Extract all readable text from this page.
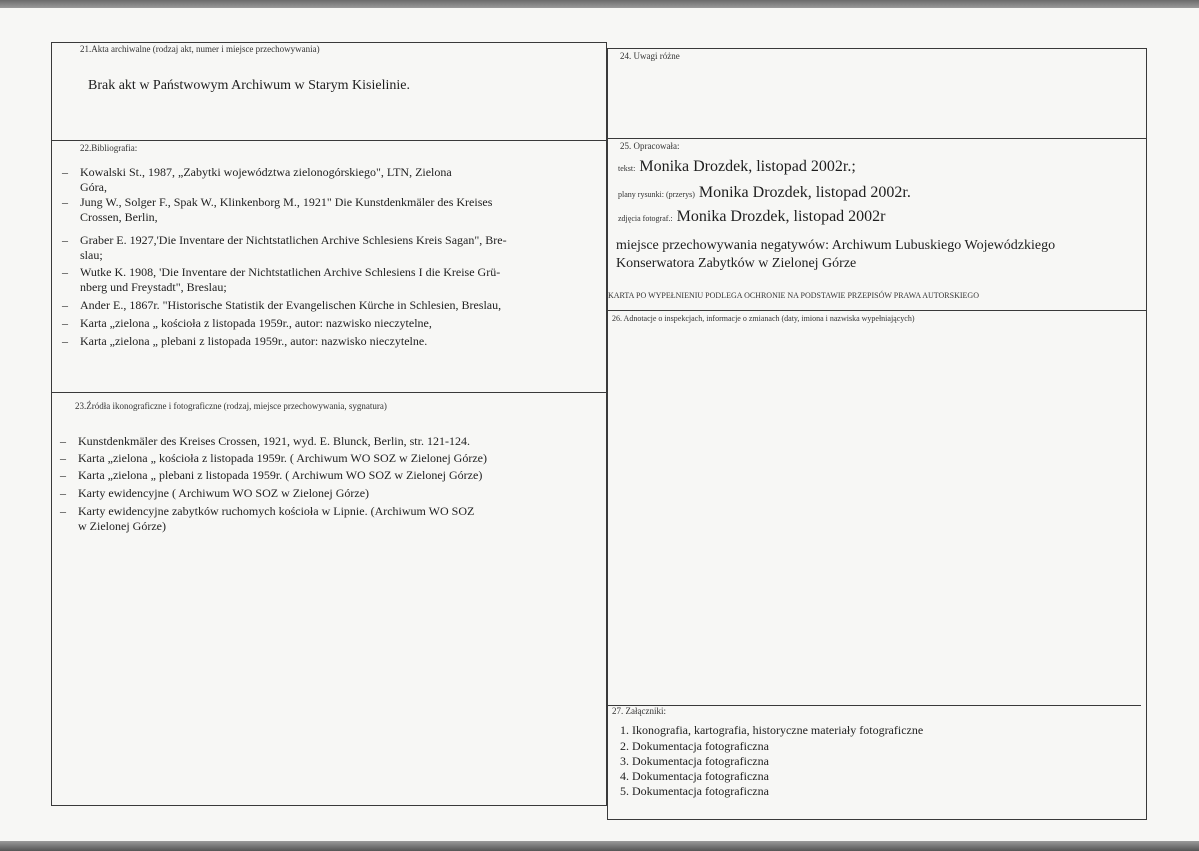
21.Akta archiwalne (rodzaj akt, numer i miejsce przechowywania)
Brak akt w Państwowym Archiwum w Starym Kisielinie.
22.Bibliografia:
– Kowalski St., 1987, „Zabytki województwa zielonogórskiego", LTN, Zielona
Góra,
– Jung W., Solger F., Spak W., Klinkenborg M., 1921" Die Kunstdenkmäler des Kreises
Crossen, Berlin,
– Graber E. 1927,'Die Inventare der Nichtstatlichen Archive Schlesiens Kreis Sagan", Bre-
slau;
– Wutke K. 1908, 'Die Inventare der Nichtstatlichen Archive Schlesiens I die Kreise Grü-
nberg und Freystadt", Breslau;
– Ander E., 1867r. "Historische Statistik der Evangelischen Kürche in Schlesien, Breslau,
– Karta „zielona „ kościoła z listopada 1959r., autor: nazwisko nieczytelne,
– Karta „zielona „ plebani z listopada 1959r., autor: nazwisko nieczytelne.
23.Źródła ikonograficzne i fotograficzne (rodzaj, miejsce przechowywania, sygnatura)
– Kunstdenkmäler des Kreises Crossen, 1921, wyd. E. Blunck, Berlin, str. 121-124.
– Karta „zielona „ kościoła z listopada 1959r. ( Archiwum WO SOZ w Zielonej Górze)
– Karta „zielona „ plebani z listopada 1959r. ( Archiwum WO SOZ w Zielonej Górze)
– Karty ewidencyjne ( Archiwum WO SOZ w Zielonej Górze)
– Karty ewidencyjne zabytków ruchomych kościoła w Lipnie. (Archiwum WO SOZ
w Zielonej Górze)
24. Uwagi różne
25. Opracowała:
tekst: Monika Drozdek, listopad 2002r.;
plany rysunki: (przerys) Monika Drozdek, listopad 2002r.
zdjęcia fotograf.: Monika Drozdek, listopad 2002r
miejsce przechowywania negatywów: Archiwum Lubuskiego Wojewódzkiego
Konserwatora Zabytków w Zielonej Górze
KARTA PO WYPEŁNIENIU PODLEGA OCHRONIE NA PODSTAWIE PRZEPISÓW PRAWA AUTORSKIEGO
26. Adnotacje o inspekcjach, informacje o zmianach (daty, imiona i nazwiska wypełniających)
27. Załączniki:
1. Ikonografia, kartografia, historyczne materiały fotograficzne
2. Dokumentacja fotograficzna
3. Dokumentacja fotograficzna
4. Dokumentacja fotograficzna
5. Dokumentacja fotograficzna
